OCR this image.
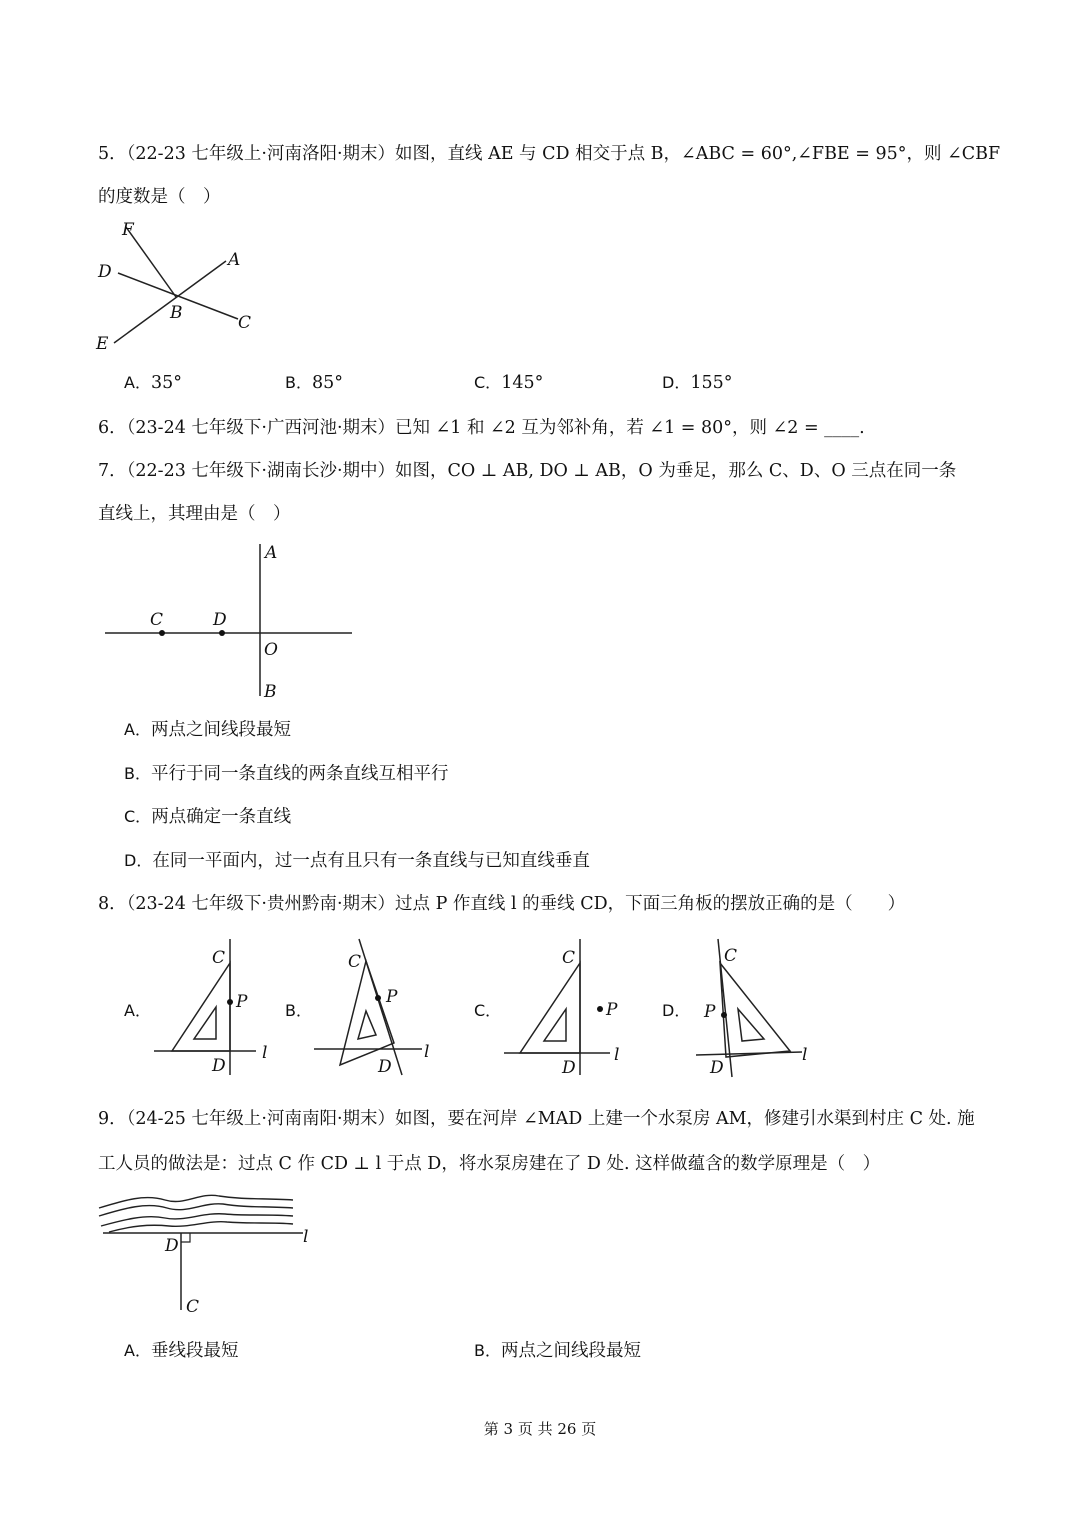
5．（22-23 七年级上·河南洛阳·期末）如图，直线 AE 与 CD 相交于点 B，∠ABC = 60°,∠FBE = 95°，则 ∠CBF
的度数是（　）
F
A
D
B	C
E
A．35°	B．85°	C．145°	D．155°
6．（23-24 七年级下·广西河池·期末）已知 ∠1 和 ∠2 互为邻补角，若 ∠1 = 80°，则 ∠2 = ____.
7．（22-23 七年级下·湖南长沙·期中）如图，CO ⊥ AB, DO ⊥ AB，O 为垂足，那么 C、D、O 三点在同一条
直线上，其理由是（　）
A
C	D
O
B
A．两点之间线段最短
B．平行于同一条直线的两条直线互相平行
C．两点确定一条直线
D．在同一平面内，过一点有且只有一条直线与已知直线垂直
8．（23-24 七年级下·贵州黔南·期末）过点 P 作直线 l 的垂线 CD，下面三角板的摆放正确的是（　　）
A．
C
P
D
l
B．
C
P
D
l
C．
C
P
D
l
D．
C
P
D
l
9．（24-25 七年级上·河南南阳·期末）如图，要在河岸 ∠MAD 上建一个水泵房 AM，修建引水渠到村庄 C 处. 施
工人员的做法是：过点 C 作 CD ⊥ l 于点 D，将水泵房建在了 D 处. 这样做蕴含的数学原理是（　）
D	l
C
A．垂线段最短	B．两点之间线段最短
第 3 页 共 26 页
